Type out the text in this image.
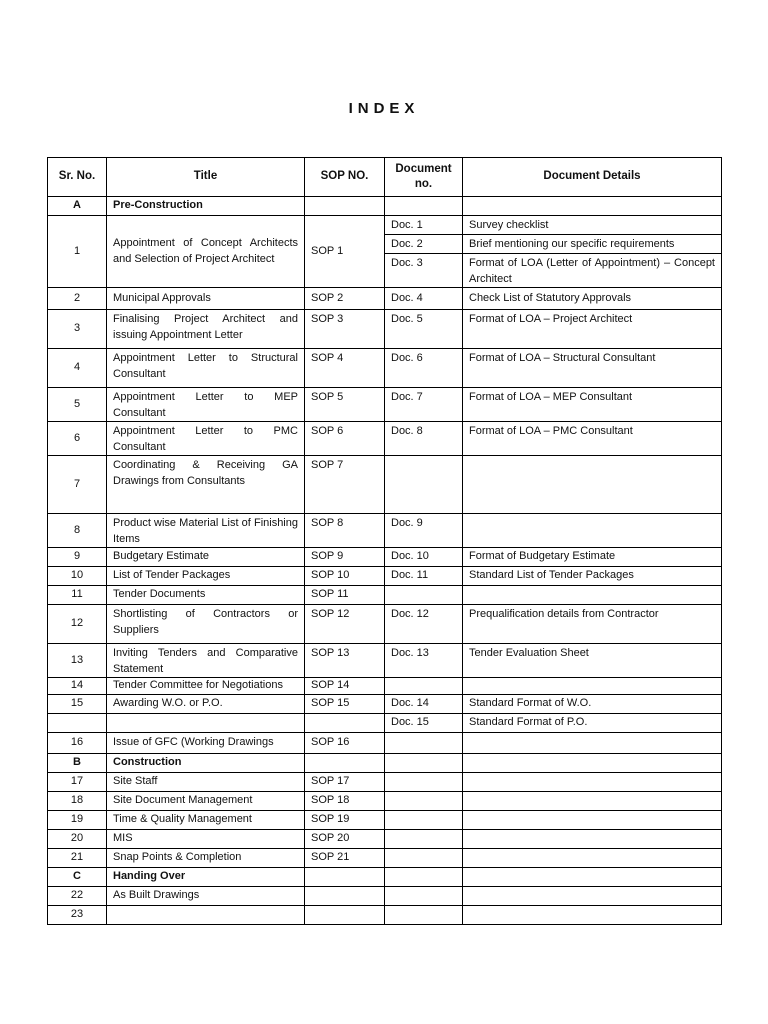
INDEX
Sr. No.	Title	SOP NO.	Document no.	Document Details
A	Pre-Construction			
1	Appointment of Concept Architects and Selection of Project Architect	SOP 1	Doc. 1	Survey checklist
			Doc. 2	Brief mentioning our specific requirements
			Doc. 3	Format of LOA (Letter of Appointment) – Concept Architect
2	Municipal Approvals	SOP 2	Doc. 4	Check List of Statutory Approvals
3	Finalising Project Architect and issuing Appointment Letter	SOP 3	Doc. 5	Format of LOA – Project Architect
4	Appointment Letter to Structural Consultant	SOP 4	Doc. 6	Format of LOA – Structural Consultant
5	Appointment Letter to MEP Consultant	SOP 5	Doc. 7	Format of LOA – MEP Consultant
6	Appointment Letter to PMC Consultant	SOP 6	Doc. 8	Format of LOA – PMC Consultant
7	Coordinating & Receiving GA Drawings from Consultants	SOP 7		
8	Product wise Material List of Finishing Items	SOP 8	Doc. 9	
9	Budgetary Estimate	SOP 9	Doc. 10	Format of Budgetary Estimate
10	List of Tender Packages	SOP 10	Doc. 11	Standard List of Tender Packages
11	Tender Documents	SOP 11		
12	Shortlisting of Contractors or Suppliers	SOP 12	Doc. 12	Prequalification details from Contractor
13	Inviting Tenders and Comparative Statement	SOP 13	Doc. 13	Tender Evaluation Sheet
14	Tender Committee for Negotiations	SOP 14		
15	Awarding W.O. or P.O.	SOP 15	Doc. 14	Standard Format of W.O.
			Doc. 15	Standard Format of P.O.
16	Issue of GFC (Working Drawings	SOP 16		
B	Construction			
17	Site Staff	SOP 17		
18	Site Document Management	SOP 18		
19	Time & Quality Management	SOP 19		
20	MIS	SOP 20		
21	Snap Points & Completion	SOP 21		
C	Handing Over			
22	As Built Drawings			
23				
